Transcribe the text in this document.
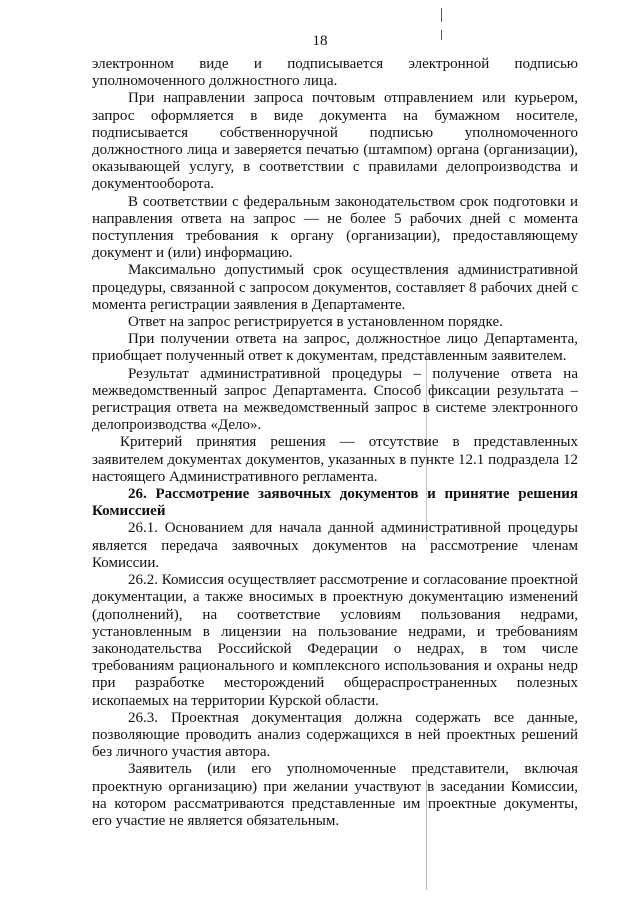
18

электронном виде и подписывается электронной подписью уполномоченного должностного лица.

При направлении запроса почтовым отправлением или курьером, запрос оформляется в виде документа на бумажном носителе, подписывается собственноручной подписью уполномоченного должностного лица и заверяется печатью (штампом) органа (организации), оказывающей услугу, в соответствии с правилами делопроизводства и документооборота.

В соответствии с федеральным законодательством срок подготовки и направления ответа на запрос — не более 5 рабочих дней с момента поступления требования к органу (организации), предоставляющему документ и (или) информацию.

Максимально допустимый срок осуществления административной процедуры, связанной с запросом документов, составляет 8 рабочих дней с момента регистрации заявления в Департаменте.

Ответ на запрос регистрируется в установленном порядке.

При получении ответа на запрос, должностное лицо Департамента, приобщает полученный ответ к документам, представленным заявителем.

Результат административной процедуры – получение ответа на межведомственный запрос Департамента. Способ фиксации результата – регистрация ответа на межведомственный запрос в системе электронного делопроизводства «Дело».

Критерий принятия решения — отсутствие в представленных заявителем документах документов, указанных в пункте 12.1 подраздела 12 настоящего Административного регламента.

26. Рассмотрение заявочных документов и принятие решения Комиссией

26.1. Основанием для начала данной административной процедуры является передача заявочных документов на рассмотрение членам Комиссии.

26.2. Комиссия осуществляет рассмотрение и согласование проектной документации, а также вносимых в проектную документацию изменений (дополнений), на соответствие условиям пользования недрами, установленным в лицензии на пользование недрами, и требованиям законодательства Российской Федерации о недрах, в том числе требованиям рационального и комплексного использования и охраны недр при разработке месторождений общераспространенных полезных ископаемых на территории Курской области.

26.3. Проектная документация должна содержать все данные, позволяющие проводить анализ содержащихся в ней проектных решений без личного участия автора.

Заявитель (или его уполномоченные представители, включая проектную организацию) при желании участвуют в заседании Комиссии, на котором рассматриваются представленные им проектные документы, его участие не является обязательным.
